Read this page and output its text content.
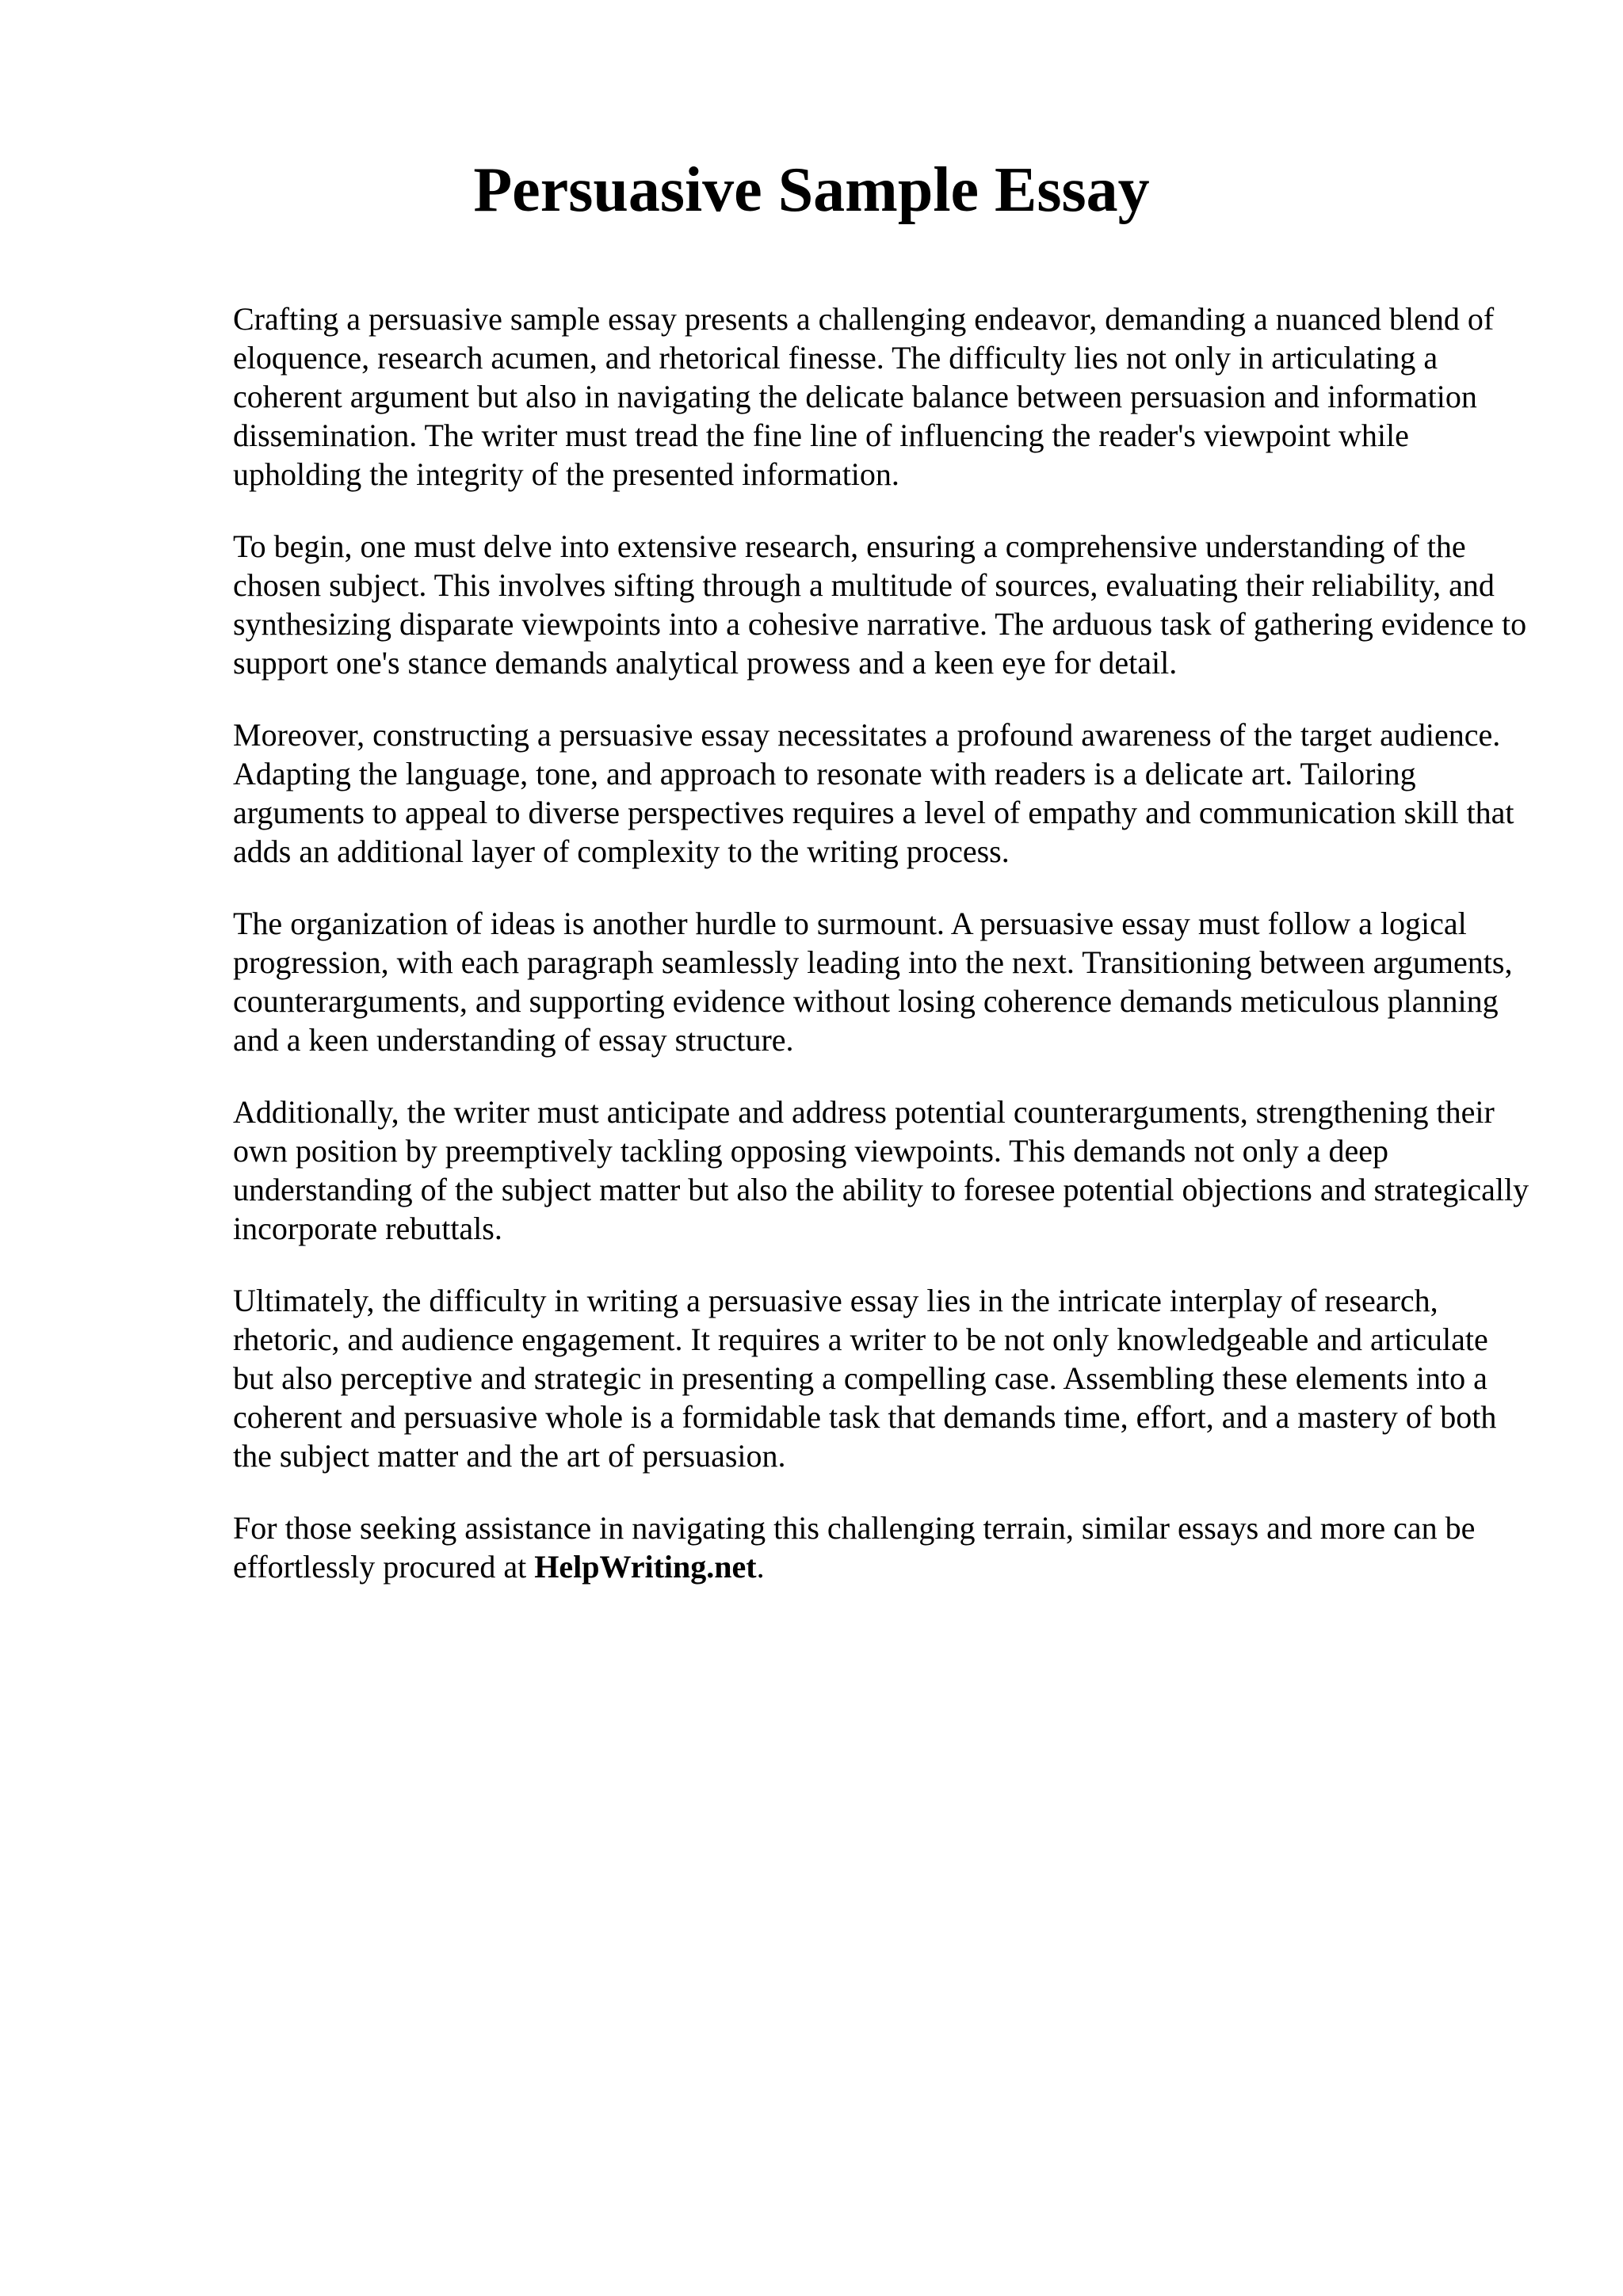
Persuasive Sample Essay

Crafting a persuasive sample essay presents a challenging endeavor, demanding a nuanced blend of eloquence, research acumen, and rhetorical finesse. The difficulty lies not only in articulating a coherent argument but also in navigating the delicate balance between persuasion and information dissemination. The writer must tread the fine line of influencing the reader's viewpoint while upholding the integrity of the presented information.

To begin, one must delve into extensive research, ensuring a comprehensive understanding of the chosen subject. This involves sifting through a multitude of sources, evaluating their reliability, and synthesizing disparate viewpoints into a cohesive narrative. The arduous task of gathering evidence to support one's stance demands analytical prowess and a keen eye for detail.

Moreover, constructing a persuasive essay necessitates a profound awareness of the target audience. Adapting the language, tone, and approach to resonate with readers is a delicate art. Tailoring arguments to appeal to diverse perspectives requires a level of empathy and communication skill that adds an additional layer of complexity to the writing process.

The organization of ideas is another hurdle to surmount. A persuasive essay must follow a logical progression, with each paragraph seamlessly leading into the next. Transitioning between arguments, counterarguments, and supporting evidence without losing coherence demands meticulous planning and a keen understanding of essay structure.

Additionally, the writer must anticipate and address potential counterarguments, strengthening their own position by preemptively tackling opposing viewpoints. This demands not only a deep understanding of the subject matter but also the ability to foresee potential objections and strategically incorporate rebuttals.

Ultimately, the difficulty in writing a persuasive essay lies in the intricate interplay of research, rhetoric, and audience engagement. It requires a writer to be not only knowledgeable and articulate but also perceptive and strategic in presenting a compelling case. Assembling these elements into a coherent and persuasive whole is a formidable task that demands time, effort, and a mastery of both the subject matter and the art of persuasion.

For those seeking assistance in navigating this challenging terrain, similar essays and more can be effortlessly procured at HelpWriting.net.
